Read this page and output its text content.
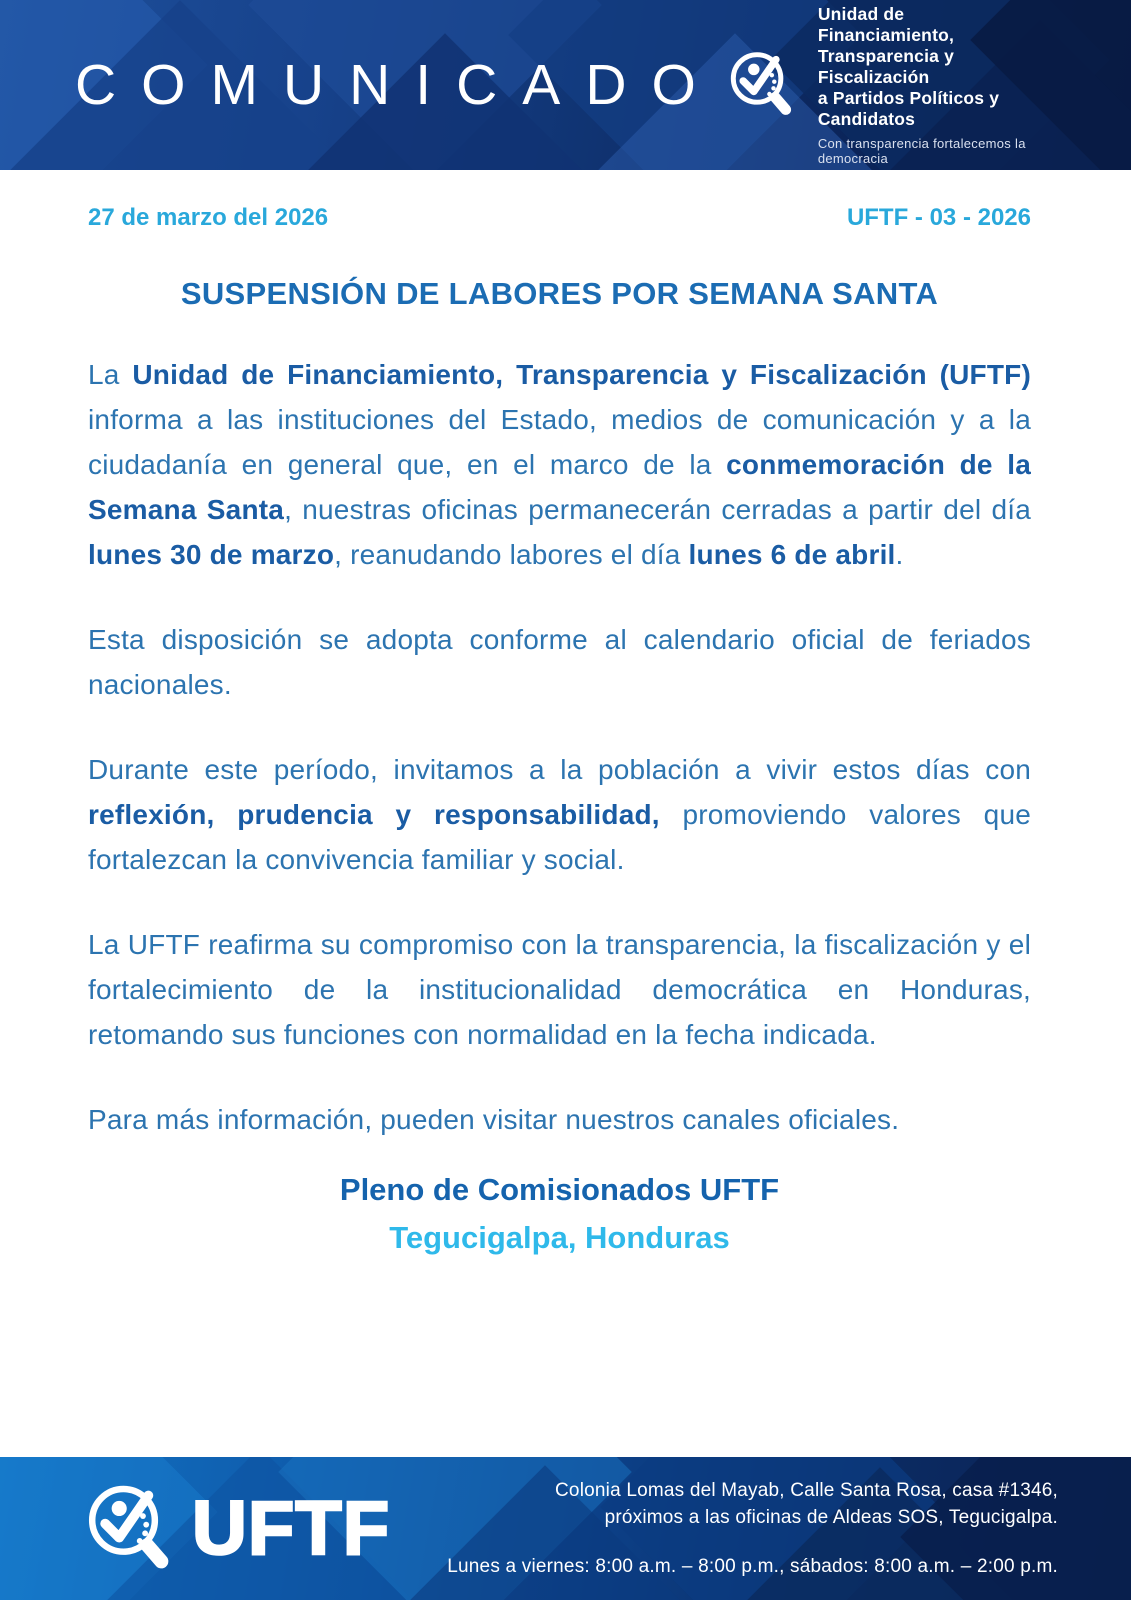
COMUNICADO
Unidad de Financiamiento,
Transparencia y Fiscalización
a Partidos Políticos y Candidatos
Con transparencia fortalecemos la democracia
27 de marzo del 2026	UFTF - 03 - 2026
SUSPENSIÓN DE LABORES POR SEMANA SANTA

La Unidad de Financiamiento, Transparencia y Fiscalización (UFTF) informa a las instituciones del Estado, medios de comunicación y a la ciudadanía en general que, en el marco de la conmemoración de la Semana Santa, nuestras oficinas permanecerán cerradas a partir del día lunes 30 de marzo, reanudando labores el día lunes 6 de abril.

Esta disposición se adopta conforme al calendario oficial de feriados nacionales.

Durante este período, invitamos a la población a vivir estos días con reflexión, prudencia y responsabilidad, promoviendo valores que fortalezcan la convivencia familiar y social.

La UFTF reafirma su compromiso con la transparencia, la fiscalización y el fortalecimiento de la institucionalidad democrática en Honduras, retomando sus funciones con normalidad en la fecha indicada.

Para más información, pueden visitar nuestros canales oficiales.

Pleno de Comisionados UFTF
Tegucigalpa, Honduras
UFTF	Colonia Lomas del Mayab, Calle Santa Rosa, casa #1346,
próximos a las oficinas de Aldeas SOS, Tegucigalpa.
Lunes a viernes: 8:00 a.m. – 8:00 p.m., sábados: 8:00 a.m. – 2:00 p.m.
